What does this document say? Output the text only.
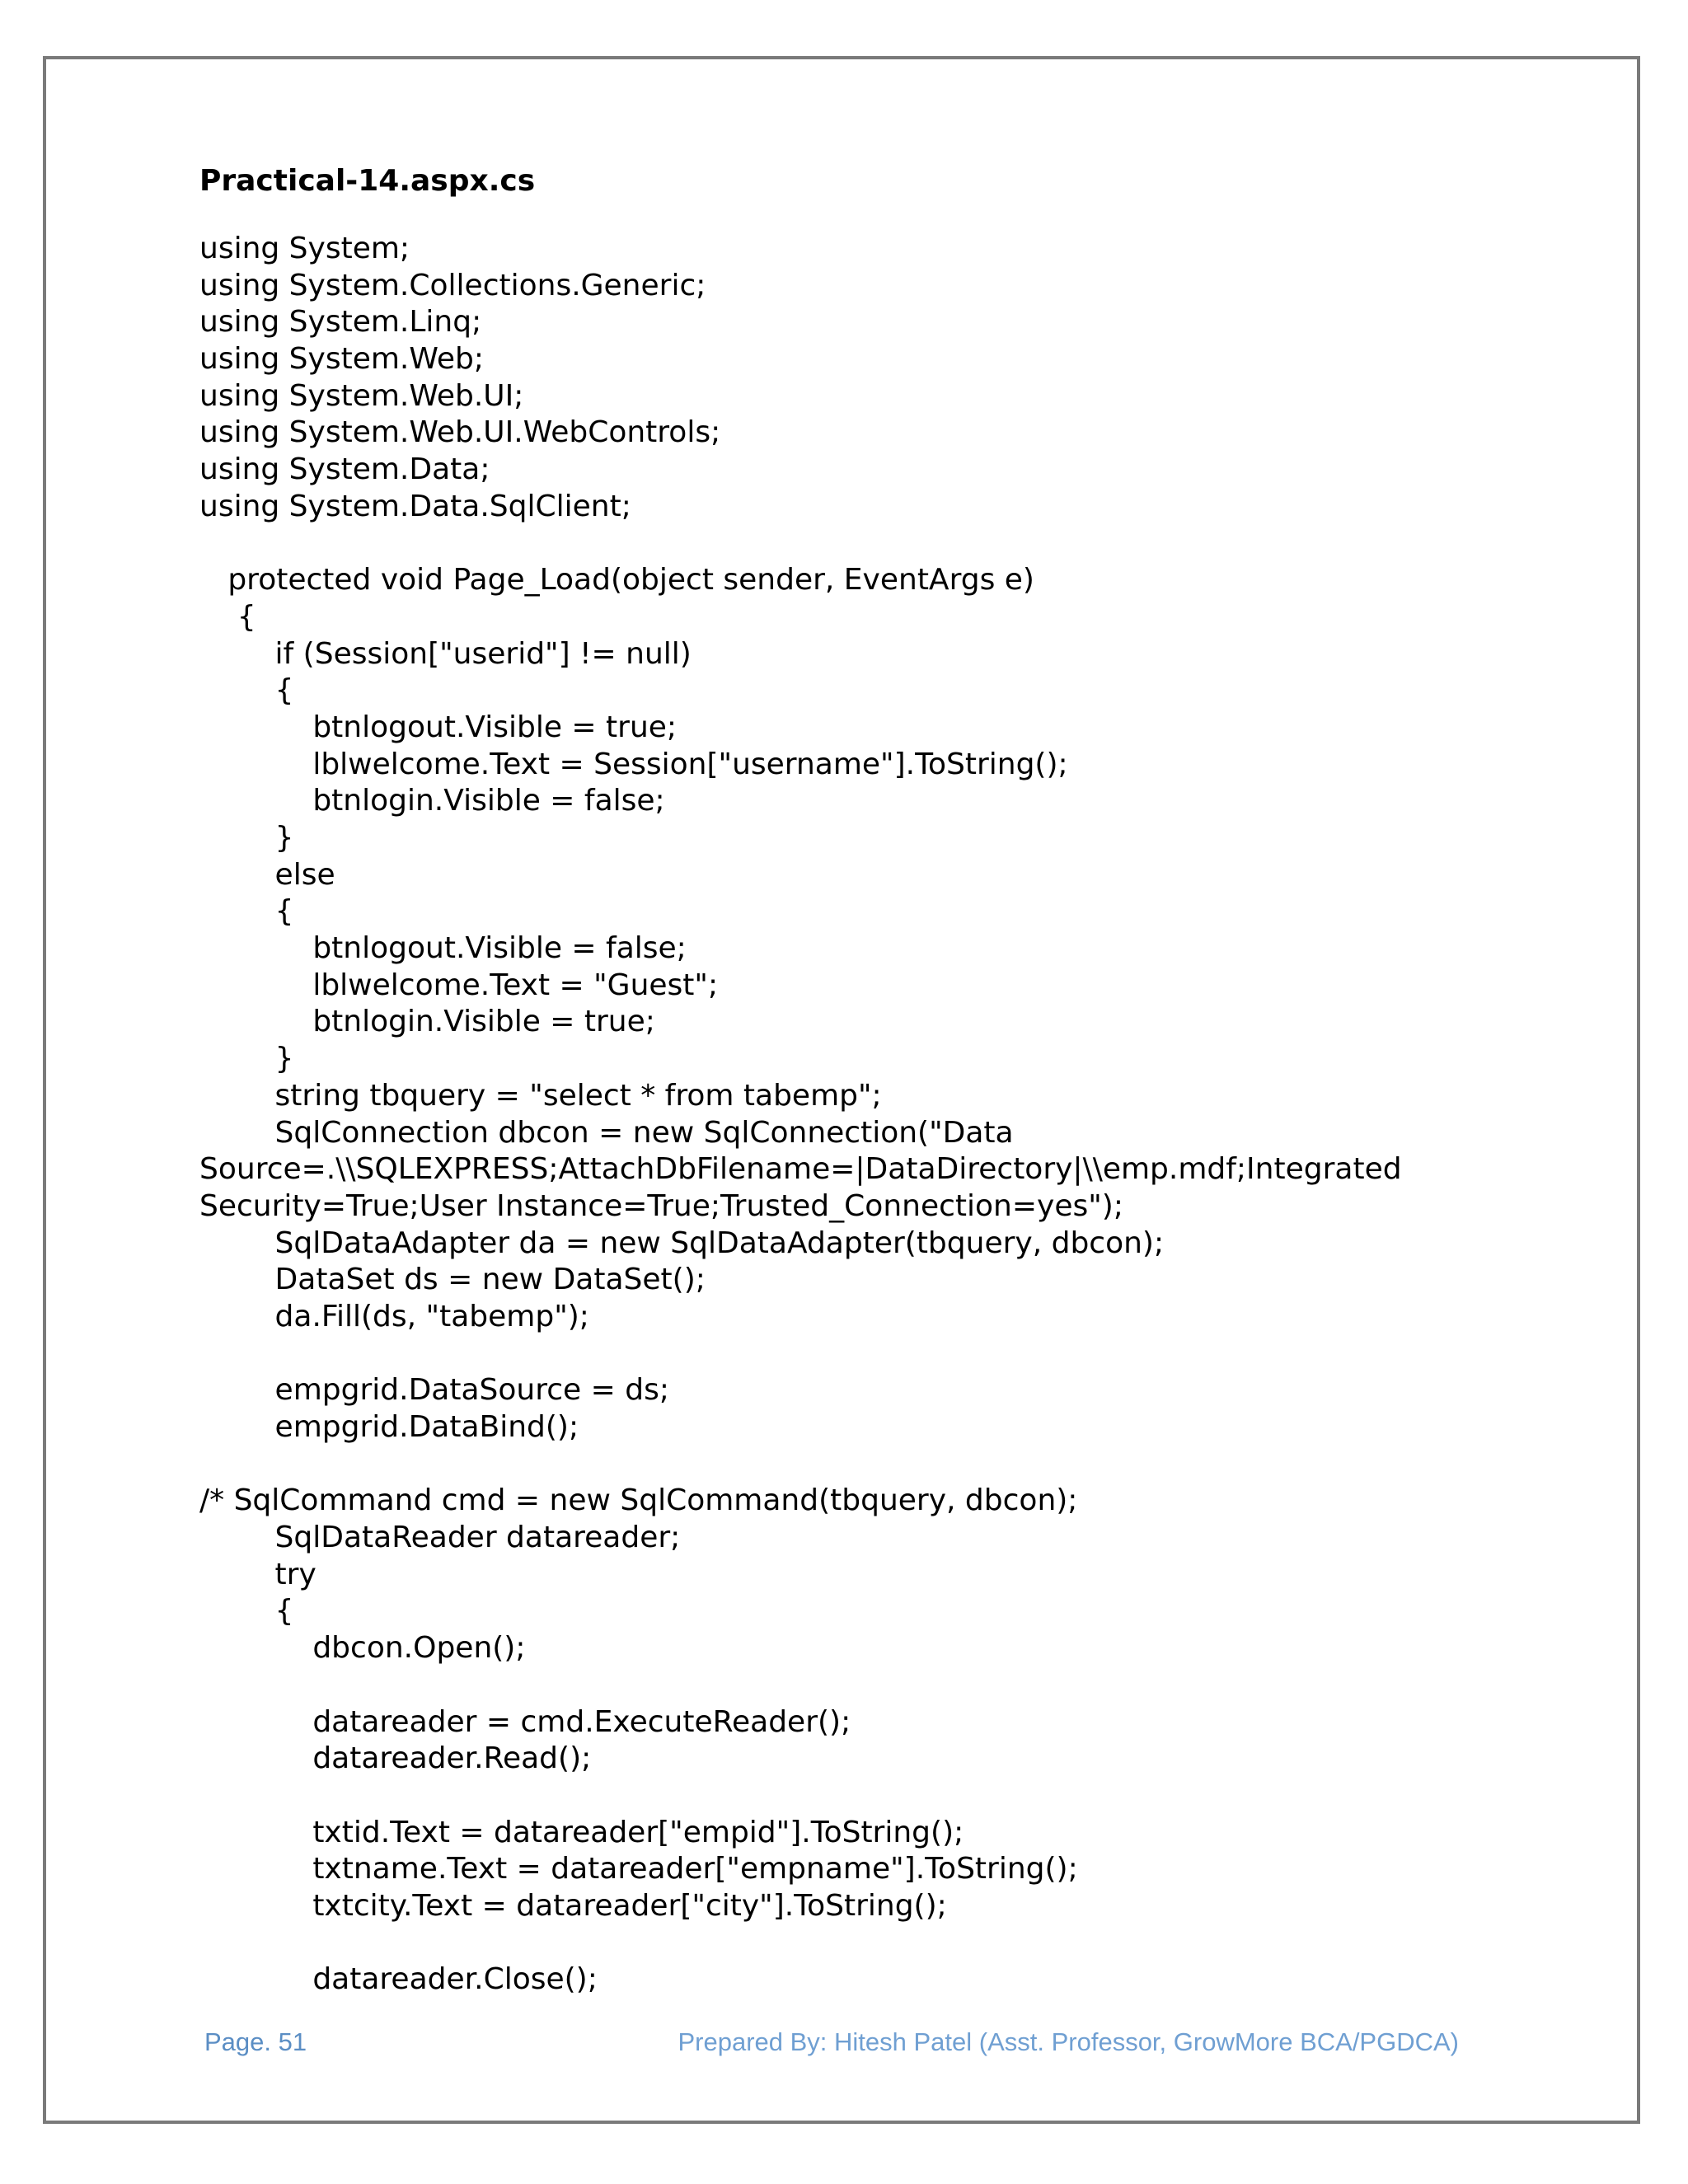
Practical-14.aspx.cs
using System;
using System.Collections.Generic;
using System.Linq;
using System.Web;
using System.Web.UI;
using System.Web.UI.WebControls;
using System.Data;
using System.Data.SqlClient;
protected void Page_Load(object sender, EventArgs e)
{
if (Session["userid"] != null)
{
btnlogout.Visible = true;
lblwelcome.Text = Session["username"].ToString();
btnlogin.Visible = false;
}
else
{
btnlogout.Visible = false;
lblwelcome.Text = "Guest";
btnlogin.Visible = true;
}
string tbquery = "select * from tabemp";
SqlConnection dbcon = new SqlConnection("Data
Source=.\\SQLEXPRESS;AttachDbFilename=|DataDirectory|\\emp.mdf;Integrated
Security=True;User Instance=True;Trusted_Connection=yes");
SqlDataAdapter da = new SqlDataAdapter(tbquery, dbcon);
DataSet ds = new DataSet();
da.Fill(ds, "tabemp");
empgrid.DataSource = ds;
empgrid.DataBind();
/* SqlCommand cmd = new SqlCommand(tbquery, dbcon);
SqlDataReader datareader;
try
{
dbcon.Open();
datareader = cmd.ExecuteReader();
datareader.Read();
txtid.Text = datareader["empid"].ToString();
txtname.Text = datareader["empname"].ToString();
txtcity.Text = datareader["city"].ToString();
datareader.Close();
Page. 51	Prepared By: Hitesh Patel (Asst. Professor, GrowMore BCA/PGDCA)
